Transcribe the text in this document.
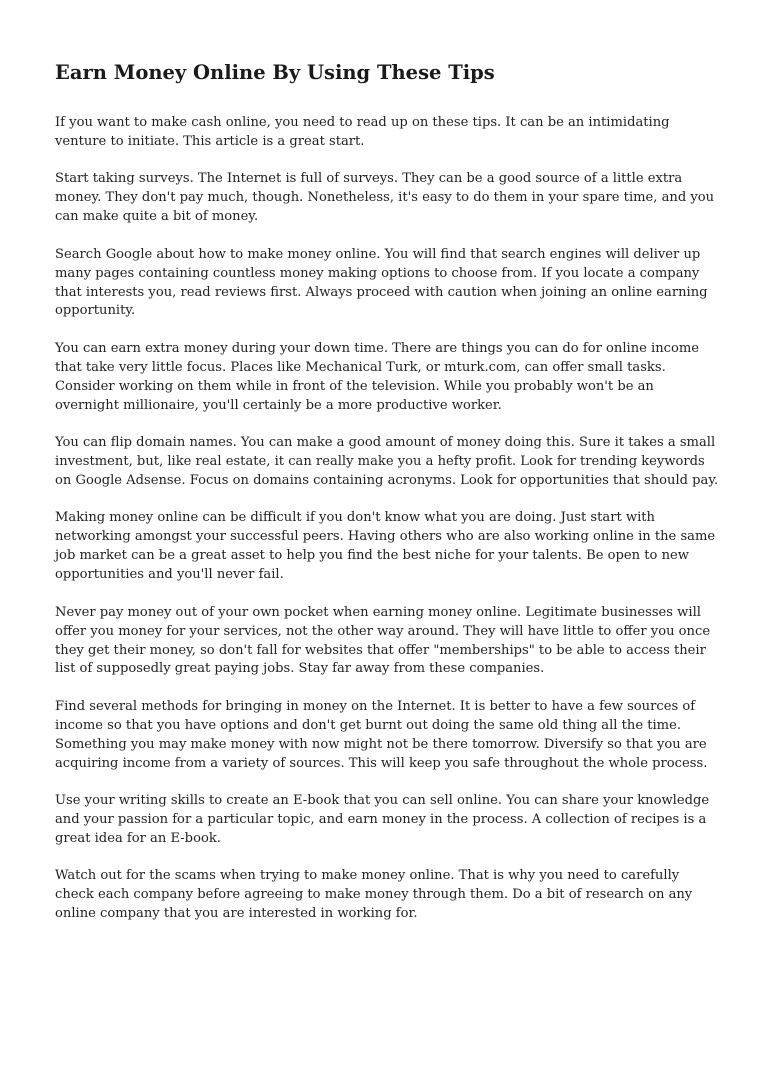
Earn Money Online By Using These Tips

If you want to make cash online, you need to read up on these tips. It can be an intimidating venture to initiate. This article is a great start.

Start taking surveys. The Internet is full of surveys. They can be a good source of a little extra money. They don't pay much, though. Nonetheless, it's easy to do them in your spare time, and you can make quite a bit of money.

Search Google about how to make money online. You will find that search engines will deliver up many pages containing countless money making options to choose from. If you locate a company that interests you, read reviews first. Always proceed with caution when joining an online earning opportunity.

You can earn extra money during your down time. There are things you can do for online income that take very little focus. Places like Mechanical Turk, or mturk.com, can offer small tasks. Consider working on them while in front of the television. While you probably won't be an overnight millionaire, you'll certainly be a more productive worker.

You can flip domain names. You can make a good amount of money doing this. Sure it takes a small investment, but, like real estate, it can really make you a hefty profit. Look for trending keywords on Google Adsense. Focus on domains containing acronyms. Look for opportunities that should pay.

Making money online can be difficult if you don't know what you are doing. Just start with networking amongst your successful peers. Having others who are also working online in the same job market can be a great asset to help you find the best niche for your talents. Be open to new opportunities and you'll never fail.

Never pay money out of your own pocket when earning money online. Legitimate businesses will offer you money for your services, not the other way around. They will have little to offer you once they get their money, so don't fall for websites that offer "memberships" to be able to access their list of supposedly great paying jobs. Stay far away from these companies.

Find several methods for bringing in money on the Internet. It is better to have a few sources of income so that you have options and don't get burnt out doing the same old thing all the time. Something you may make money with now might not be there tomorrow. Diversify so that you are acquiring income from a variety of sources. This will keep you safe throughout the whole process.

Use your writing skills to create an E-book that you can sell online. You can share your knowledge and your passion for a particular topic, and earn money in the process. A collection of recipes is a great idea for an E-book.

Watch out for the scams when trying to make money online. That is why you need to carefully check each company before agreeing to make money through them. Do a bit of research on any online company that you are interested in working for.
